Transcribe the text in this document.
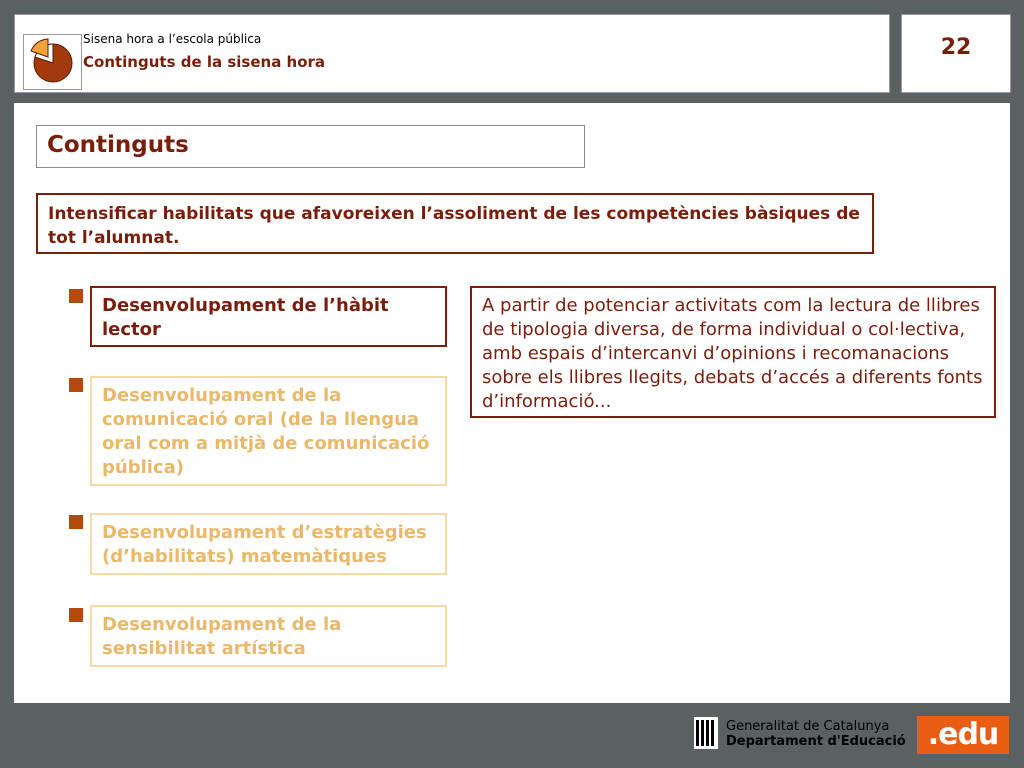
Sisena hora a l’escola pública
Continguts de la sisena hora
22
Continguts
Intensificar habilitats que afavoreixen l’assoliment de les competències bàsiques de tot l’alumnat.
Desenvolupament de l’hàbit lector
Desenvolupament de la comunicació oral (de la llengua oral com a mitjà de comunicació pública)
Desenvolupament d’estratègies (d’habilitats) matemàtiques
Desenvolupament de la sensibilitat artística
A partir de potenciar activitats com la lectura de llibres de tipologia diversa, de forma individual o col·lectiva, amb espais d’intercanvi d’opinions i recomanacions sobre els llibres llegits, debats d’accés a diferents fonts d’informació...
Generalitat de Catalunya
Departament d'Educació .edu
